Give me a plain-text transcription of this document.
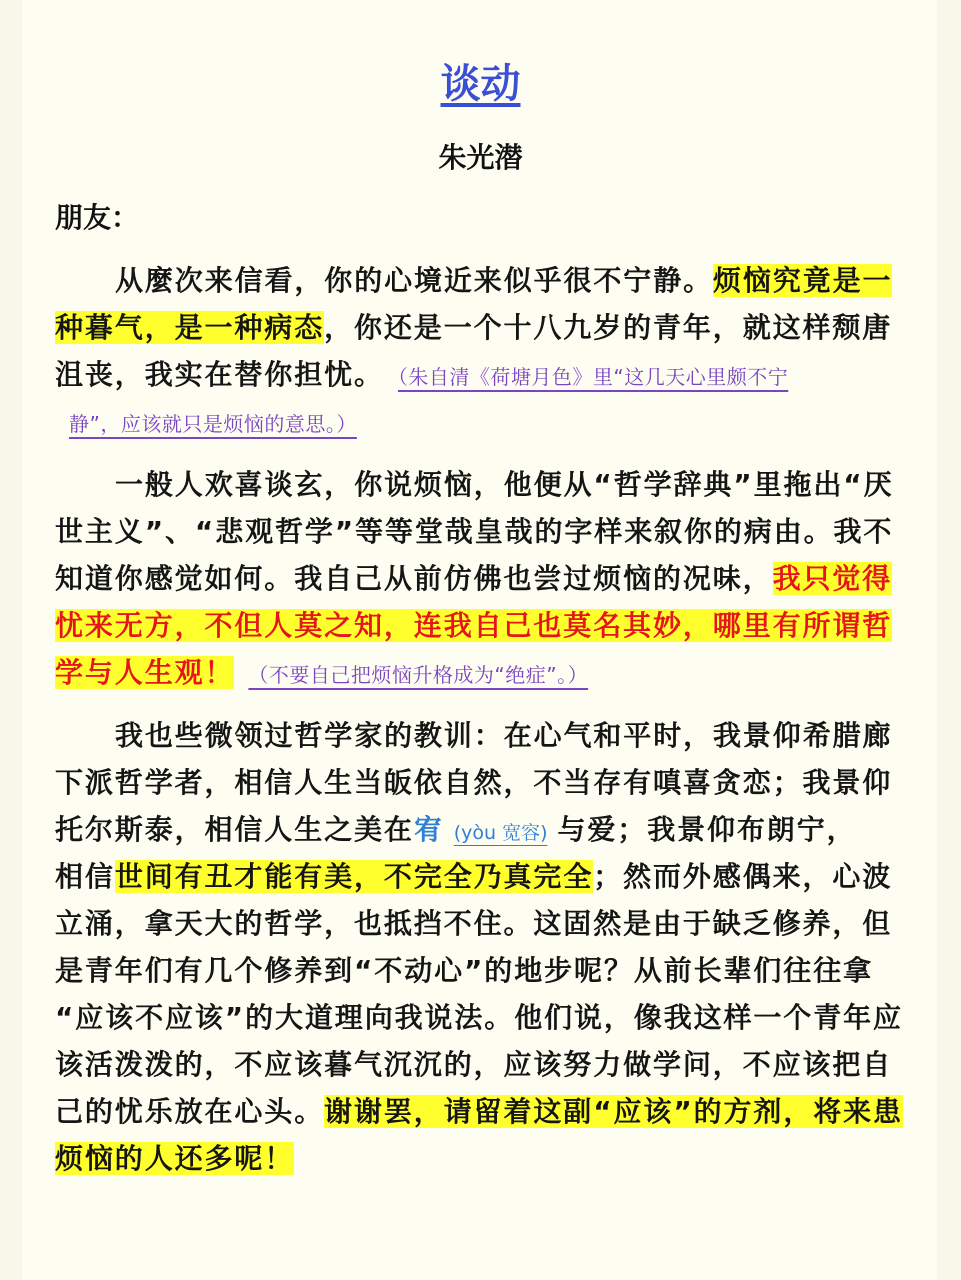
谈动
朱光潜
朋友：
从麼次来信看，你的心境近来似乎很不宁静。烦恼究竟是一
种暮气，是一种病态，你还是一个十八九岁的青年，就这样颓唐
沮丧，我实在替你担忧。 （朱自清《荷塘月色》里“这几天心里颇不宁
静”，应该就只是烦恼的意思。）
一般人欢喜谈玄，你说烦恼，他便从“哲学辞典”里拖出“厌
世主义”、“悲观哲学”等等堂哉皇哉的字样来叙你的病由。我不
知道你感觉如何。我自己从前仿佛也尝过烦恼的况味，我只觉得
忧来无方，不但人莫之知，连我自己也莫名其妙，哪里有所谓哲
学与人生观！ （不要自己把烦恼升格成为“绝症”。）
我也些微领过哲学家的教训：在心气和平时，我景仰希腊廊
下派哲学者，相信人生当皈依自然，不当存有嗔喜贪恋；我景仰
托尔斯泰，相信人生之美在宥 (yòu 宽容) 与爱；我景仰布朗宁，
相信世间有丑才能有美，不完全乃真完全；然而外感偶来，心波
立涌，拿天大的哲学，也抵挡不住。这固然是由于缺乏修养，但
是青年们有几个修养到“不动心”的地步呢？从前长辈们往往拿
“应该不应该”的大道理向我说法。他们说，像我这样一个青年应
该活泼泼的，不应该暮气沉沉的，应该努力做学问，不应该把自
己的忧乐放在心头。谢谢罢，请留着这副“应该”的方剂，将来患
烦恼的人还多呢！
